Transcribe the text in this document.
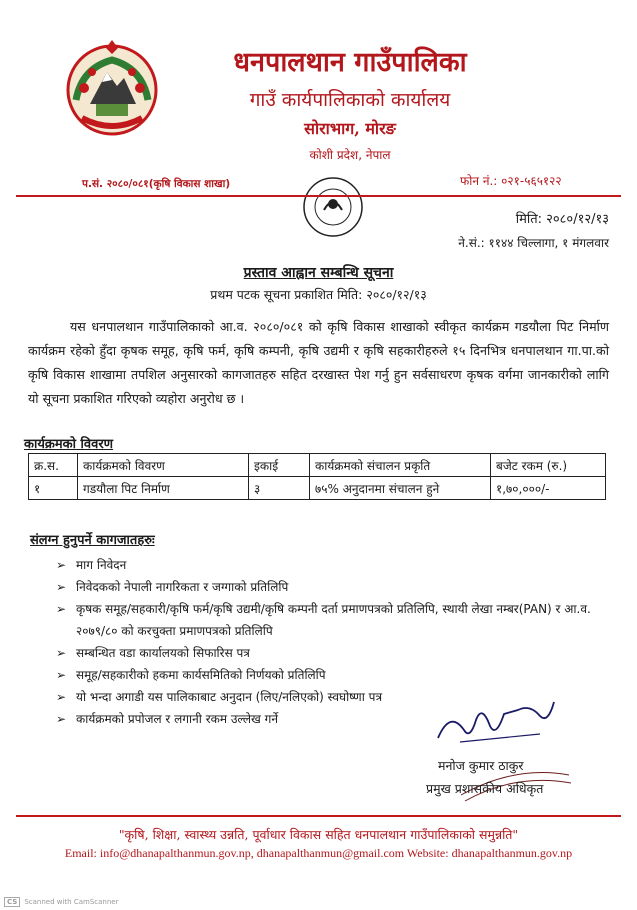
धनपालथान गाउँपालिका
गाउँ कार्यपालिकाको कार्यालय
सोराभाग, मोरङ
कोशी प्रदेश, नेपाल
प.सं. २०८०/०८१(कृषि विकास शाखा)	फोन नं.: ०२१-५६५१२२
मिति: २०८०/१२/१३
ने.सं.: ११४४ चिल्लागा, १ मंगलवार
प्रस्ताव आह्वान सम्बन्धि सूचना
प्रथम पटक सूचना प्रकाशित मिति: २०८०/१२/१३
यस धनपालथान गाउँपालिकाको आ.व. २०८०/०८१ को कृषि विकास शाखाको स्वीकृत कार्यक्रम गडयौला पिट निर्माण कार्यक्रम रहेको हुँदा कृषक समूह, कृषि फर्म, कृषि कम्पनी, कृषि उद्यमी र कृषि सहकारीहरुले १५ दिनभित्र धनपालथान गा.पा.को कृषि विकास शाखामा तपशिल अनुसारको कागजातहरु सहित दरखास्त पेश गर्नु हुन सर्वसाधरण कृषक वर्गमा जानकारीको लागि यो सूचना प्रकाशित गरिएको व्यहोरा अनुरोध छ ।
कार्यक्रमको विवरण
क्र.स.	कार्यक्रमको विवरण	इकाई	कार्यक्रमको संचालन प्रकृति	बजेट रकम (रु.)
१	गडयौला पिट निर्माण	३	७५% अनुदानमा संचालन हुने	१,७०,०००/-
संलग्न हुनुपर्ने कागजातहरुः
➢ माग निवेदन
➢ निवेदकको नेपाली नागरिकता र जग्गाको प्रतिलिपि
➢ कृषक समूह/सहकारी/कृषि फर्म/कृषि उद्यमी/कृषि कम्पनी दर्ता प्रमाणपत्रको प्रतिलिपि, स्थायी लेखा नम्बर(PAN) र आ.व. २०७९/८० को करचुक्ता प्रमाणपत्रको प्रतिलिपि
➢ सम्बन्धित वडा कार्यालयको सिफारिस पत्र
➢ समूह/सहकारीको हकमा कार्यसमितिको निर्णयको प्रतिलिपि
➢ यो भन्दा अगाडी यस पालिकाबाट अनुदान (लिए/नलिएको) स्वघोष्णा पत्र
➢ कार्यक्रमको प्रपोजल र लगानी रकम उल्लेख गर्ने
मनोज कुमार ठाकुर
प्रमुख प्रशासकीय अधिकृत
"कृषि, शिक्षा, स्वास्थ्य उन्नति, पूर्वाधार विकास सहित धनपालथान गाउँपालिकाको समुन्नति"
Email: info@dhanapalthanmun.gov.np, dhanapalthanmun@gmail.com Website: dhanapalthanmun.gov.np
CS Scanned with CamScanner
